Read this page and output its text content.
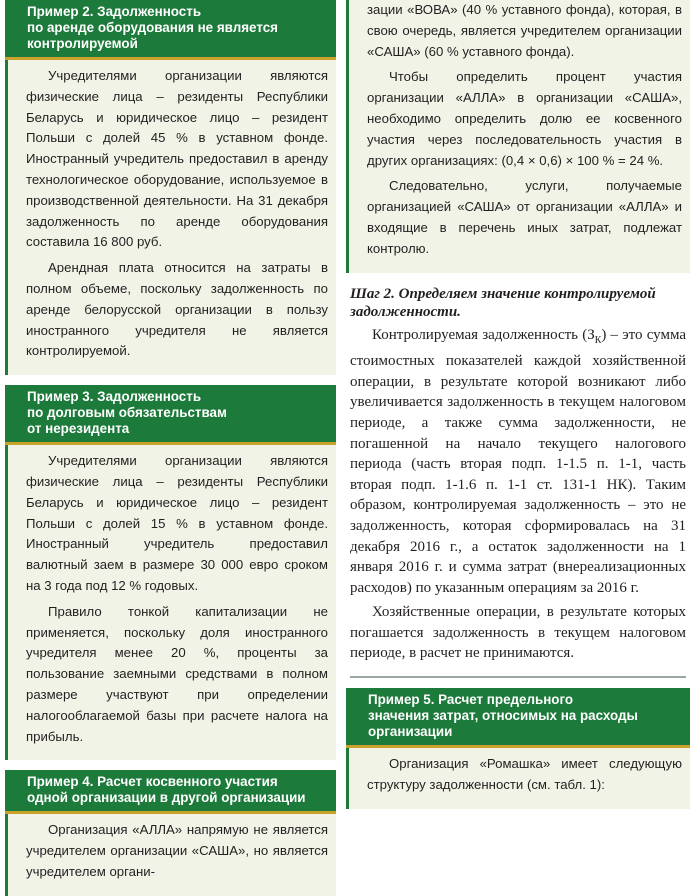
Пример 2. Задолженность
по аренде оборудования не является
контролируемой

Учредителями организации являются физические лица – резиденты Республики Беларусь и юридическое лицо – резидент Польши с долей 45 % в уставном фонде. Иностранный учредитель предоставил в аренду технологическое оборудование, используемое в производственной деятельности. На 31 декабря задолженность по аренде оборудования составила 16 800 руб.

Арендная плата относится на затраты в полном объеме, поскольку задолженность по аренде белорусской организации в пользу иностранного учредителя не является контролируемой.

Пример 3. Задолженность
по долговым обязательствам
от нерезидента

Учредителями организации являются физические лица – резиденты Республики Беларусь и юридическое лицо – резидент Польши с долей 15 % в уставном фонде. Иностранный учредитель предоставил валютный заем в размере 30 000 евро сроком на 3 года под 12 % годовых.

Правило тонкой капитализации не применяется, поскольку доля иностранного учредителя менее 20 %, проценты за пользование заемными средствами в полном размере участвуют при определении налогооблагаемой базы при расчете налога на прибыль.

Пример 4. Расчет косвенного участия
одной организации в другой организации

Организация «АЛЛА» напрямую не является учредителем организации «САША», но является учредителем органи-

зации «ВОВА» (40 % уставного фонда), которая, в свою очередь, является учредителем организации «САША» (60 % уставного фонда).

Чтобы определить процент участия организации «АЛЛА» в организации «САША», необходимо определить долю ее косвенного участия через последовательность участия в других организациях: (0,4 × 0,6) × 100 % = 24 %.

Следовательно, услуги, получаемые организацией «САША» от организации «АЛЛА» и входящие в перечень иных затрат, подлежат контролю.

Шаг 2. Определяем значение контролируемой задолженности.

Контролируемая задолженность $(З_К)$ – это сумма стоимостных показателей каждой хозяйственной операции, в результате которой возникают либо увеличивается задолженность в текущем налоговом периоде, а также сумма задолженности, не погашенной на начало текущего налогового периода (часть вторая подп. 1-1.5 п. 1-1, часть вторая подп. 1-1.6 п. 1-1 ст. 131-1 НК). Таким образом, контролируемая задолженность – это не задолженность, которая сформировалась на 31 декабря 2016 г., а остаток задолженности на 1 января 2016 г. и сумма затрат (внереализационных расходов) по указанным операциям за 2016 г.

Хозяйственные операции, в результате которых погашается задолженность в текущем налоговом периоде, в расчет не принимаются.

Пример 5. Расчет предельного
значения затрат, относимых на расходы
организации

Организация «Ромашка» имеет следующую структуру задолженности (см. табл. 1):
